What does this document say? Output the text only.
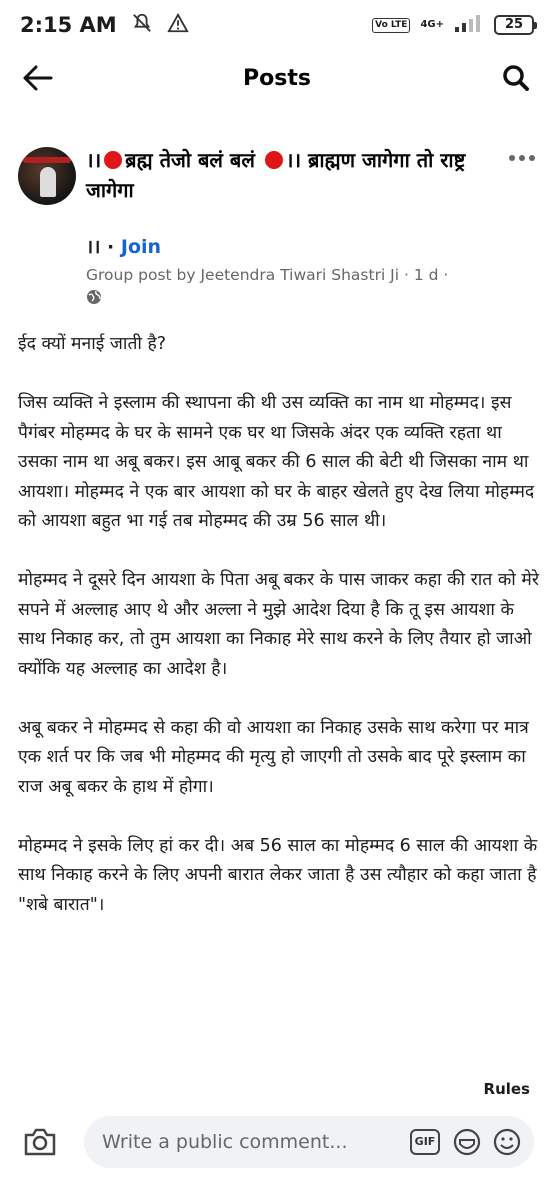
2:15 AM	Vo LTE	4G+	25
Posts
।। ब्रह्म तेजो बलं बलं ।। ब्राह्मण जागेगा तो राष्ट्र जागेगा
।। · Join
Group post by Jeetendra Tiwari Shastri Ji · 1 d ·

ईद क्यों मनाई जाती है?

जिस व्यक्ति ने इस्लाम की स्थापना की थी उस व्यक्ति का नाम था मोहम्मद। इस पैगंबर मोहम्मद के घर के सामने एक घर था जिसके अंदर एक व्यक्ति रहता था उसका नाम था अबू बकर। इस आबू बकर की 6 साल की बेटी थी जिसका नाम था आयशा। मोहम्मद ने एक बार आयशा को घर के बाहर खेलते हुए देख लिया मोहम्मद को आयशा बहुत भा गई तब मोहम्मद की उम्र 56 साल थी।

मोहम्मद ने दूसरे दिन आयशा के पिता अबू बकर के पास जाकर कहा की रात को मेरे सपने में अल्लाह आए थे और अल्ला ने मुझे आदेश दिया है कि तू इस आयशा के साथ निकाह कर, तो तुम आयशा का निकाह मेरे साथ करने के लिए तैयार हो जाओ क्योंकि यह अल्लाह का आदेश है।

अबू बकर ने मोहम्मद से कहा की वो आयशा का निकाह उसके साथ करेगा पर मात्र एक शर्त पर कि जब भी मोहम्मद की मृत्यु हो जाएगी तो उसके बाद पूरे इस्लाम का राज अबू बकर के हाथ में होगा।

मोहम्मद ने इसके लिए हां कर दी। अब 56 साल का मोहम्मद 6 साल की आयशा के साथ निकाह करने के लिए अपनी बारात लेकर जाता है उस त्यौहार को कहा जाता है "शबे बारात"।

Rules
Write a public comment...
GIF
